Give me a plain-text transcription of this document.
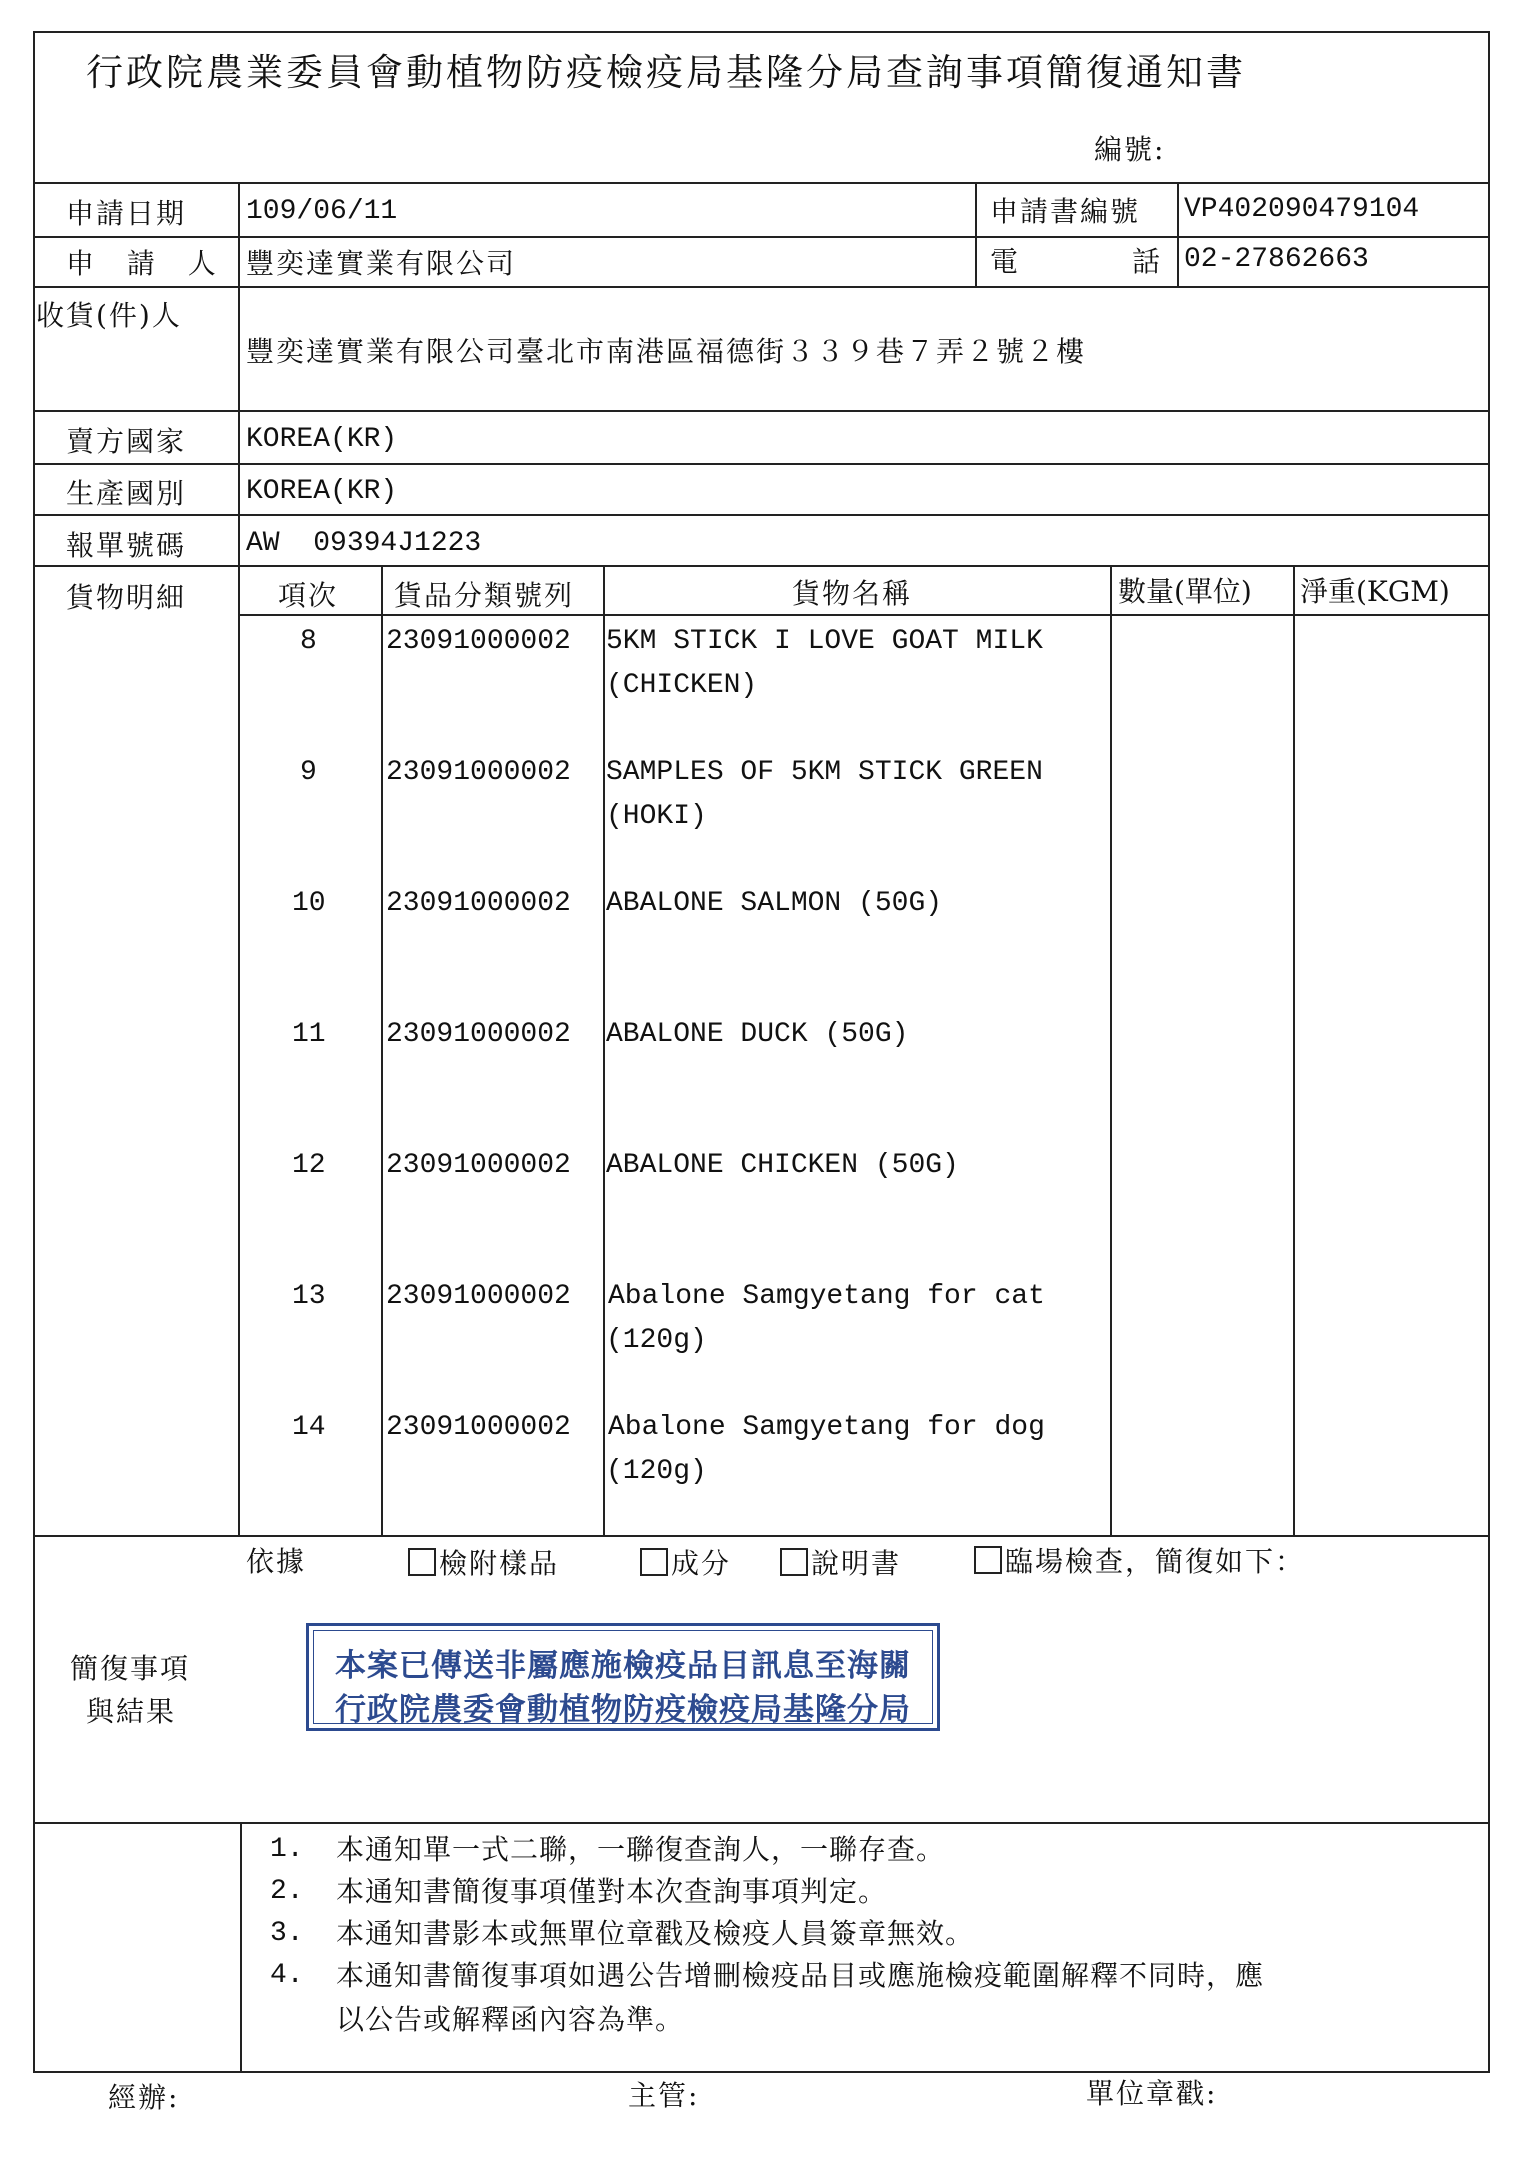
行政院農業委員會動植物防疫檢疫局基隆分局查詢事項簡復通知書
編號:
申請日期 109/06/11	申請書編號 VP402090479104
申 請 人 豐奕達實業有限公司	電	話 02-27862663
收貨(件)人
豐奕達實業有限公司臺北市南港區福德街３３９巷７弄２號２樓
賣方國家 KOREA(KR)
生產國別 KOREA(KR)
報單號碼 AW  09394J1223
貨物明細	項次 貨品分類號列	貨物名稱	數量(單位) 淨重(KGM)
8 23091000002 5KM STICK I LOVE GOAT MILK
(CHICKEN)
9 23091000002 SAMPLES OF 5KM STICK GREEN
(HOKI)
10 23091000002 ABALONE SALMON (50G)
11 23091000002 ABALONE DUCK (50G)
12 23091000002 ABALONE CHICKEN (50G)
13 23091000002 Abalone Samgyetang for cat
(120g)
14 23091000002 Abalone Samgyetang for dog
(120g)
簡復事項
與結果
依據	檢附樣品	成分	說明書	臨場檢查，簡復如下：
本案已傳送非屬應施檢疫品目訊息至海關
行政院農委會動植物防疫檢疫局基隆分局
1. 本通知單一式二聯，一聯復查詢人，一聯存查。
2. 本通知書簡復事項僅對本次查詢事項判定。
3. 本通知書影本或無單位章戳及檢疫人員簽章無效。
4. 本通知書簡復事項如遇公告增刪檢疫品目或應施檢疫範圍解釋不同時，應
以公告或解釋函內容為準。
經辦:	主管:	單位章戳:
